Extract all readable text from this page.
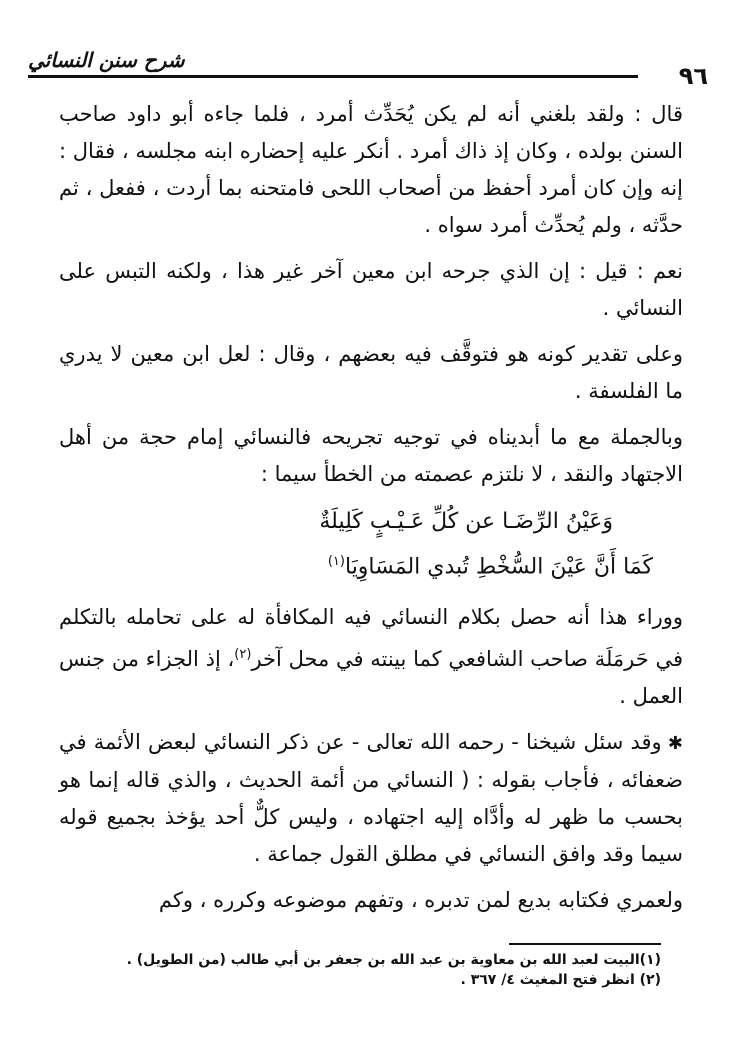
٩٦
شرح سنن النسائي

قال : ولقد بلغني أنه لم يكن يُحَدِّث أمرد ، فلما جاءه أبو داود صاحب السنن بولده ، وكان إذ ذاك أمرد . أنكر عليه إحضاره ابنه مجلسه ، فقال : إنه وإن كان أمرد أحفظ من أصحاب اللحى فامتحنه بما أردت ، ففعل ، ثم حدَّثه ، ولم يُحدِّث أمرد سواه .

نعم : قيل : إن الذي جرحه ابن معين آخر غير هذا ، ولكنه التبس على النسائي .

وعلى تقدير كونه هو فتوقَّف فيه بعضهم ، وقال : لعل ابن معين لا يدري ما الفلسفة .

وبالجملة مع ما أبديناه في توجيه تجريحه فالنسائي إمام حجة من أهل الاجتهاد والنقد ، لا نلتزم عصمته من الخطأ سيما :

وَعَيْنُ الرِّضَـا عن كُلِّ عَـيْـبٍ كَلِيلَةٌ

كَمَا أَنَّ عَيْنَ السُّخْطِ تُبدي المَسَاوِيَا$^{(١)}$

ووراء هذا أنه حصل بكلام النسائي فيه المكافأة له على تحامله بالتكلم في حَرمَلَة صاحب الشافعي كما بينته في محل آخر$^{(٢)}$، إذ الجزاء من جنس العمل .

✱ وقد سئل شيخنا - رحمه الله تعالى - عن ذكر النسائي لبعض الأئمة في ضعفائه ، فأجاب بقوله : ( النسائي من أئمة الحديث ، والذي قاله إنما هو بحسب ما ظهر له وأدَّاه إليه اجتهاده ، وليس كلٌّ أحد يؤخذ بجميع قوله سيما وقد وافق النسائي في مطلق القول جماعة .

ولعمري فكتابه بديع لمن تدبره ، وتفهم موضوعه وكرره ، وكم

(١)البيت لعبد الله بن معاوية بن عبد الله بن جعفر بن أبي طالب (من الطويل) .

(٢) انظر فتح المغيث ٤/ ٣٦٧ .
